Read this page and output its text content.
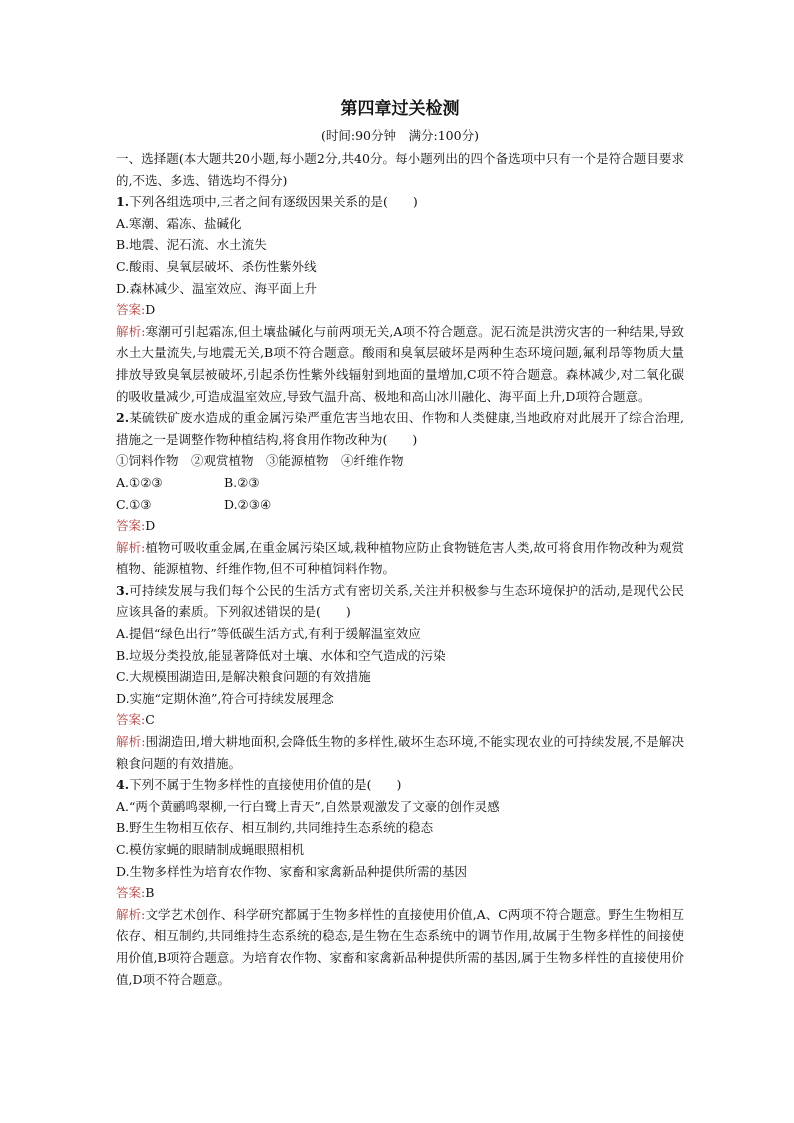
第四章过关检测

(时间:90分钟　满分:100分)

一、选择题(本大题共20小题,每小题2分,共40分。每小题列出的四个备选项中只有一个是符合题目要求的,不选、多选、错选均不得分)

1.下列各组选项中,三者之间有逐级因果关系的是(　　)

A.寒潮、霜冻、盐碱化

B.地震、泥石流、水土流失

C.酸雨、臭氧层破坏、杀伤性紫外线

D.森林减少、温室效应、海平面上升

答案:D

解析:寒潮可引起霜冻,但土壤盐碱化与前两项无关,A项不符合题意。泥石流是洪涝灾害的一种结果,导致水土大量流失,与地震无关,B项不符合题意。酸雨和臭氧层破坏是两种生态环境问题,氟利昂等物质大量排放导致臭氧层被破坏,引起杀伤性紫外线辐射到地面的量增加,C项不符合题意。森林减少,对二氧化碳的吸收量减少,可造成温室效应,导致气温升高、极地和高山冰川融化、海平面上升,D项符合题意。

2.某硫铁矿废水造成的重金属污染严重危害当地农田、作物和人类健康,当地政府对此展开了综合治理,措施之一是调整作物种植结构,将食用作物改种为(　　)

①饲料作物　②观赏植物　③能源植物　④纤维作物

A.①②③	B.②③
C.①③	D.②③④

答案:D

解析:植物可吸收重金属,在重金属污染区域,栽种植物应防止食物链危害人类,故可将食用作物改种为观赏植物、能源植物、纤维作物,但不可种植饲料作物。

3.可持续发展与我们每个公民的生活方式有密切关系,关注并积极参与生态环境保护的活动,是现代公民应该具备的素质。下列叙述错误的是(　　)

A.提倡“绿色出行”等低碳生活方式,有利于缓解温室效应

B.垃圾分类投放,能显著降低对土壤、水体和空气造成的污染

C.大规模围湖造田,是解决粮食问题的有效措施

D.实施“定期休渔”,符合可持续发展理念

答案:C

解析:围湖造田,增大耕地面积,会降低生物的多样性,破坏生态环境,不能实现农业的可持续发展,不是解决粮食问题的有效措施。

4.下列不属于生物多样性的直接使用价值的是(　　)

A.“两个黄鹂鸣翠柳,一行白鹭上青天”,自然景观激发了文豪的创作灵感

B.野生生物相互依存、相互制约,共同维持生态系统的稳态

C.模仿家蝇的眼睛制成蝇眼照相机

D.生物多样性为培育农作物、家畜和家禽新品种提供所需的基因

答案:B

解析:文学艺术创作、科学研究都属于生物多样性的直接使用价值,A、C两项不符合题意。野生生物相互依存、相互制约,共同维持生态系统的稳态,是生物在生态系统中的调节作用,故属于生物多样性的间接使用价值,B项符合题意。为培育农作物、家畜和家禽新品种提供所需的基因,属于生物多样性的直接使用价值,D项不符合题意。
